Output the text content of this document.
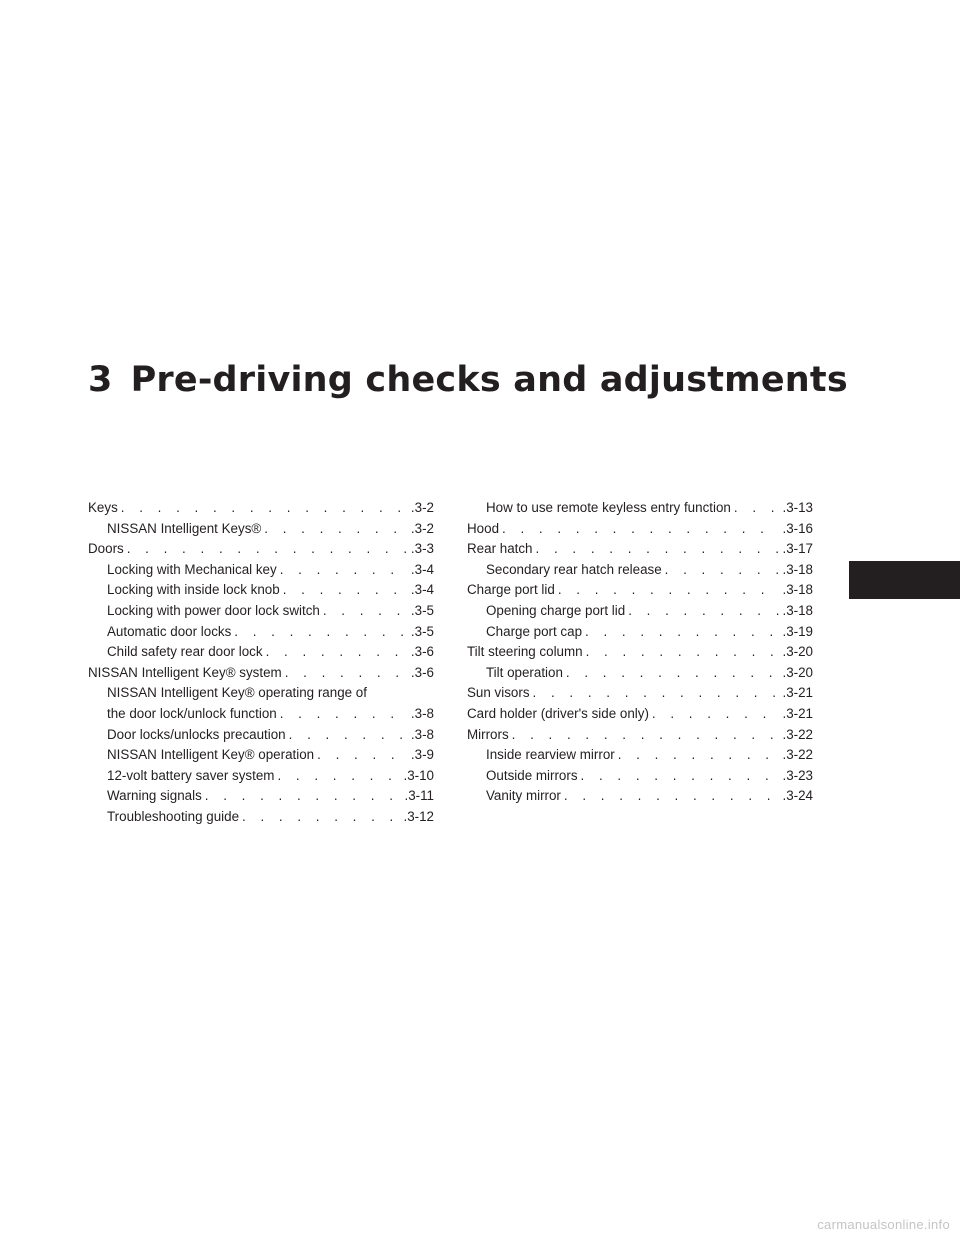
3 Pre-driving checks and adjustments
Keys . . .	.3-2
NISSAN Intelligent Keys® . . .	.3-2
Doors . . .	.3-3
Locking with Mechanical key . . .	.3-4
Locking with inside lock knob . . .	.3-4
Locking with power door lock switch . . .	.3-5
Automatic door locks . . .	.3-5
Child safety rear door lock . . .	.3-6
NISSAN Intelligent Key® system . . .	.3-6
NISSAN Intelligent Key® operating range of
the door lock/unlock function . . .	.3-8
Door locks/unlocks precaution . . .	.3-8
NISSAN Intelligent Key® operation . . .	.3-9
12-volt battery saver system . . .	.3-10
Warning signals . . .	.3-11
Troubleshooting guide . . .	.3-12
How to use remote keyless entry function . . .	.3-13
Hood . . .	.3-16
Rear hatch . . .	.3-17
Secondary rear hatch release . . .	.3-18
Charge port lid . . .	.3-18
Opening charge port lid . . .	.3-18
Charge port cap . . .	.3-19
Tilt steering column . . .	.3-20
Tilt operation . . .	.3-20
Sun visors . . .	.3-21
Card holder (driver's side only) . . .	.3-21
Mirrors . . .	.3-22
Inside rearview mirror . . .	.3-22
Outside mirrors . . .	.3-23
Vanity mirror . . .	.3-24
carmanualsonline.info
